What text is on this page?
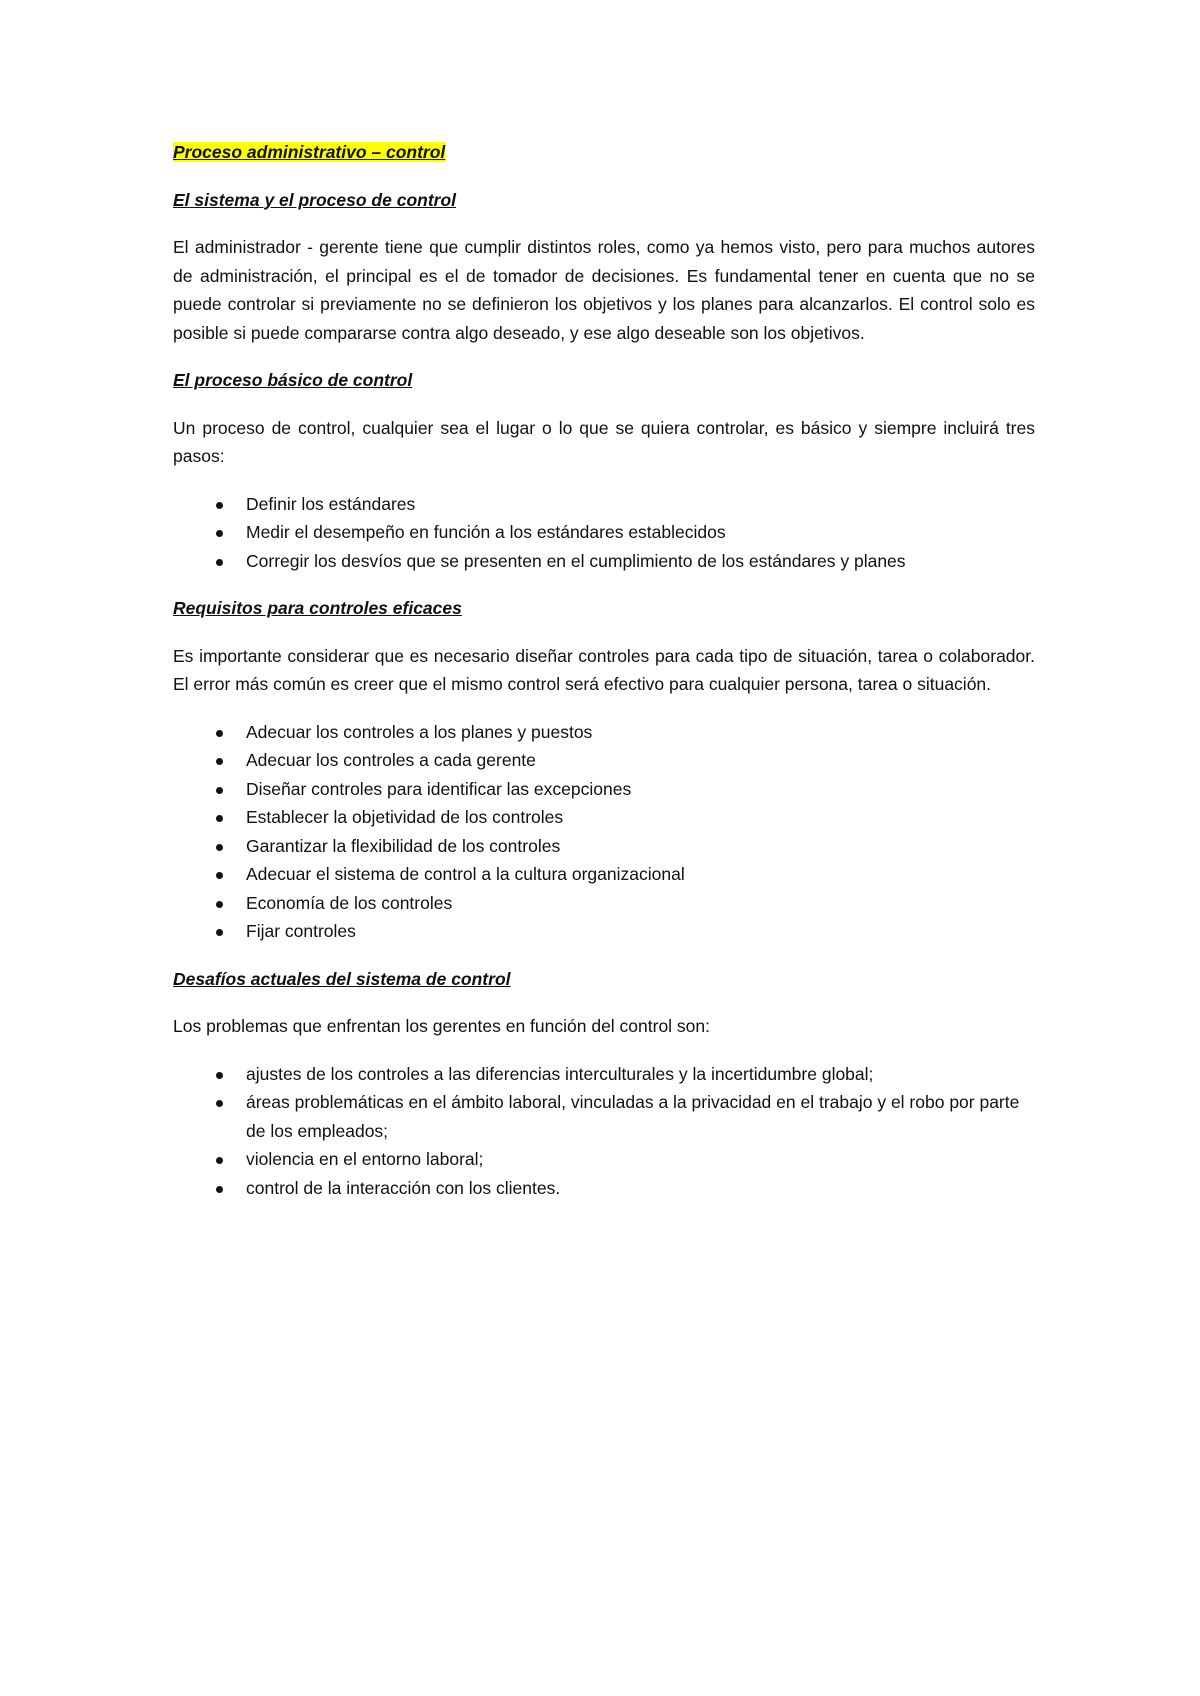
Proceso administrativo – control
El sistema y el proceso de control

El administrador - gerente tiene que cumplir distintos roles, como ya hemos visto, pero para muchos autores de administración, el principal es el de tomador de decisiones. Es fundamental tener en cuenta que no se puede controlar si previamente no se definieron los objetivos y los planes para alcanzarlos. El control solo es posible si puede compararse contra algo deseado, y ese algo deseable son los objetivos.

El proceso básico de control

Un proceso de control, cualquier sea el lugar o lo que se quiera controlar, es básico y siempre incluirá tres pasos:

Definir los estándares
Medir el desempeño en función a los estándares establecidos
Corregir los desvíos que se presenten en el cumplimiento de los estándares y planes
Requisitos para controles eficaces

Es importante considerar que es necesario diseñar controles para cada tipo de situación, tarea o colaborador. El error más común es creer que el mismo control será efectivo para cualquier persona, tarea o situación.

Adecuar los controles a los planes y puestos
Adecuar los controles a cada gerente
Diseñar controles para identificar las excepciones
Establecer la objetividad de los controles
Garantizar la flexibilidad de los controles
Adecuar el sistema de control a la cultura organizacional
Economía de los controles
Fijar controles
Desafíos actuales del sistema de control

Los problemas que enfrentan los gerentes en función del control son:

ajustes de los controles a las diferencias interculturales y la incertidumbre global;
áreas problemáticas en el ámbito laboral, vinculadas a la privacidad en el trabajo y el robo por parte de los empleados;
violencia en el entorno laboral;
control de la interacción con los clientes.
